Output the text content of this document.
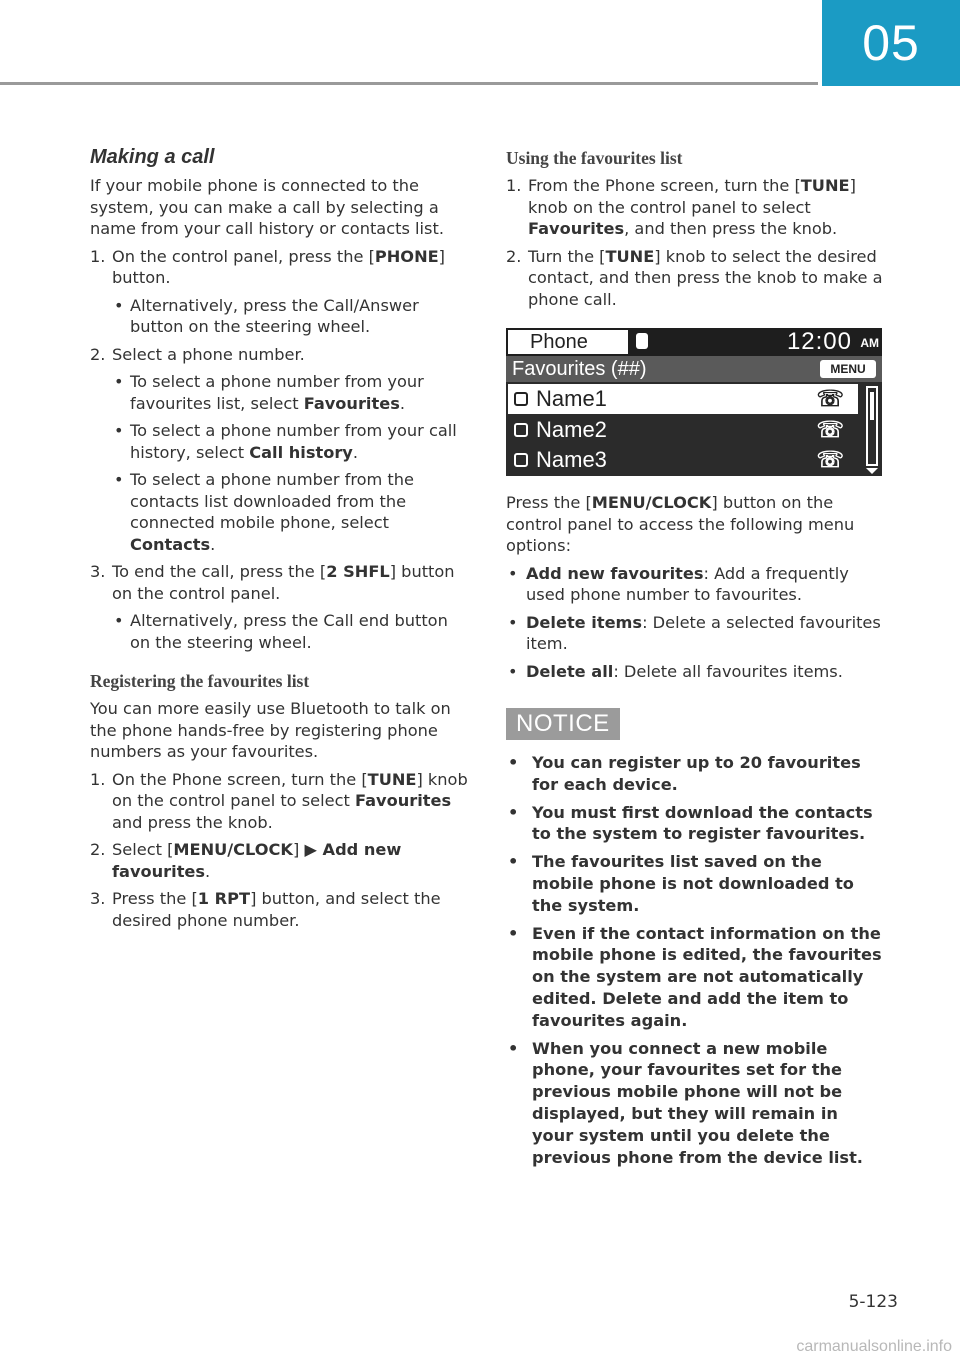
05
Making a call

If your mobile phone is connected to the system, you can make a call by selecting a name from your call history or contacts list.

1. On the control panel, press the [PHONE] button.
• Alternatively, press the Call/Answer button on the steering wheel.
2. Select a phone number.
• To select a phone number from your favourites list, select Favourites.
• To select a phone number from your call history, select Call history.
• To select a phone number from the contacts list downloaded from the connected mobile phone, select Contacts.
3. To end the call, press the [2 SHFL] button on the control panel.
• Alternatively, press the Call end button on the steering wheel.
Registering the favourites list

You can more easily use Bluetooth to talk on the phone hands-free by registering phone numbers as your favourites.

1. On the Phone screen, turn the [TUNE] knob on the control panel to select Favourites and press the knob.
2. Select [MENU/CLOCK] ▶ Add new favourites.
3. Press the [1 RPT] button, and select the desired phone number.
Using the favourites list
1. From the Phone screen, turn the [TUNE] knob on the control panel to select Favourites, and then press the knob.
2. Turn the [TUNE] knob to select the desired contact, and then press the knob to make a phone call.
Phone	12:00 AM
Favourites (##)	MENU
Name1	☏
Name2	☏
Name3	☏

Press the [MENU/CLOCK] button on the control panel to access the following menu options:

• Add new favourites: Add a frequently used phone number to favourites.
• Delete items: Delete a selected favourites item.
• Delete all: Delete all favourites items.
NOTICE
• You can register up to 20 favourites for each device.
• You must first download the contacts to the system to register favourites.
• The favourites list saved on the mobile phone is not downloaded to the system.
• Even if the contact information on the mobile phone is edited, the favourites on the system are not automatically edited. Delete and add the item to favourites again.
• When you connect a new mobile phone, your favourites set for the previous mobile phone will not be displayed, but they will remain in your system until you delete the previous phone from the device list.
5-123
carmanualsonline.info
